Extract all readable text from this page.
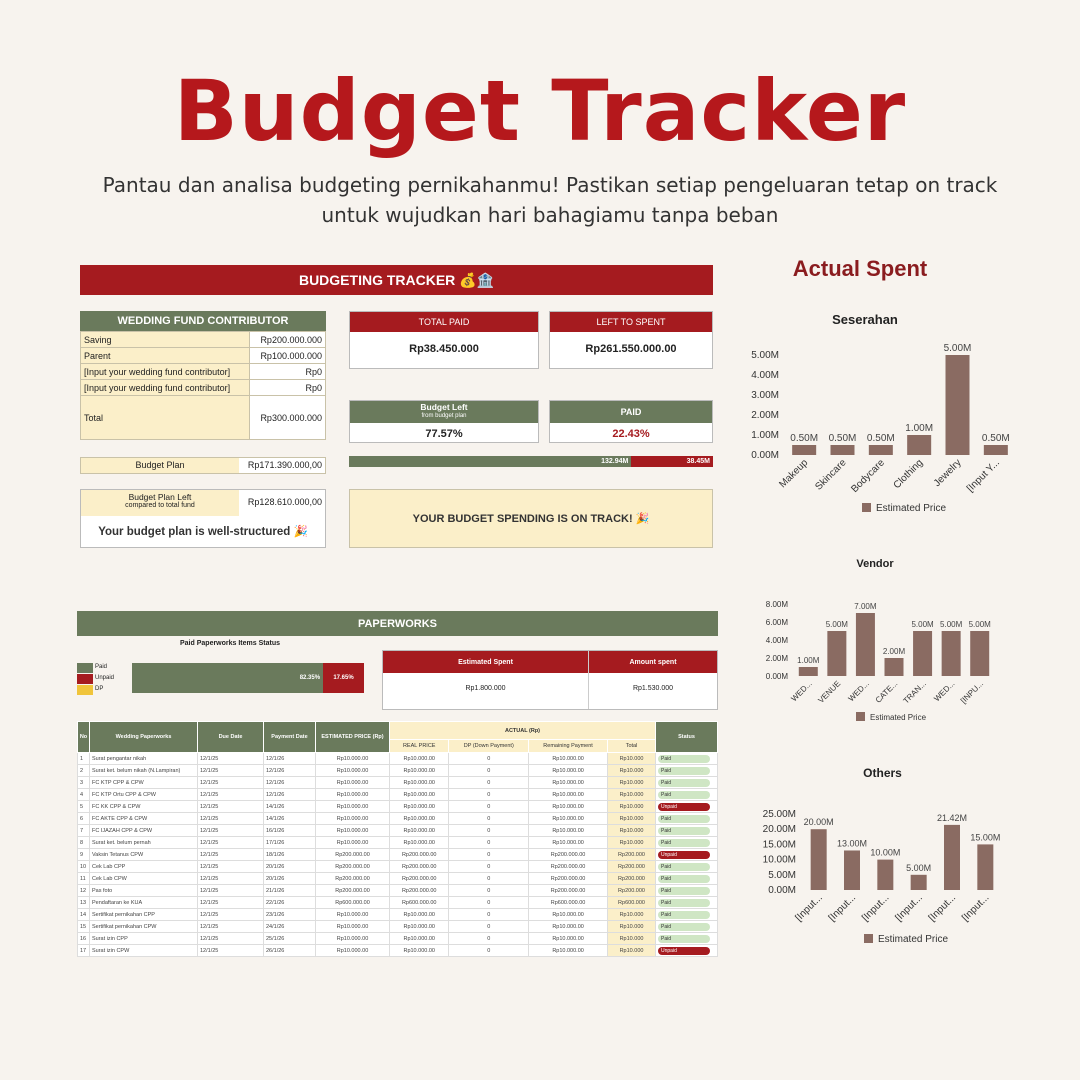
Budget Tracker
Pantau dan analisa budgeting pernikahanmu! Pastikan setiap pengeluaran tetap on track untuk wujudkan hari bahagiamu tanpa beban
BUDGETING TRACKER 💰🏦
WEDDING FUND CONTRIBUTOR
Saving	Rp200.000.000
Parent	Rp100.000.000
[Input your wedding fund contributor]	Rp0
[Input your wedding fund contributor]	Rp0
Total	Rp300.000.000
Budget Plan	Rp171.390.000,00
Budget Plan Left
compared to total fund	Rp128.610.000,00
Your budget plan is well-structured 🎉
TOTAL PAID
Rp38.450.000
LEFT TO SPENT
Rp261.550.000.00
Budget Left
from budget plan
77.57%
PAID
22.43%
132.94M	38.45M
YOUR BUDGET SPENDING IS ON TRACK! 🎉
PAPERWORKS
Paid Paperworks Items Status
Paid
Unpaid
DP
82.35%	17.65%
Estimated Spent
Rp1.800.000
Amount spent
Rp1.530.000
No	Wedding Paperworks	Due Date	Payment Date	ESTIMATED PRICE (Rp)	ACTUAL (Rp)				Status
					REAL PRICE	DP (Down Payment)	Remaining Payment	Total	
1	Surat pengantar nikah	12/1/25	12/1/26	Rp10.000.00	Rp10.000.00	0	Rp10.000.00	Rp10.000	Paid
2	Surat ket. belum nikah (N.Lampiran)	12/1/25	12/1/26	Rp10.000.00	Rp10.000.00	0	Rp10.000.00	Rp10.000	Paid
3	FC KTP CPP & CPW	12/1/25	12/1/26	Rp10.000.00	Rp10.000.00	0	Rp10.000.00	Rp10.000	Paid
4	FC KTP Ortu CPP & CPW	12/1/25	12/1/26	Rp10.000.00	Rp10.000.00	0	Rp10.000.00	Rp10.000	Paid
5	FC KK CPP & CPW	12/1/25	14/1/26	Rp10.000.00	Rp10.000.00	0	Rp10.000.00	Rp10.000	Unpaid
6	FC AKTE CPP & CPW	12/1/25	14/1/26	Rp10.000.00	Rp10.000.00	0	Rp10.000.00	Rp10.000	Paid
7	FC IJAZAH CPP & CPW	12/1/25	16/1/26	Rp10.000.00	Rp10.000.00	0	Rp10.000.00	Rp10.000	Paid
8	Surat ket. belum pernah	12/1/25	17/1/26	Rp10.000.00	Rp10.000.00	0	Rp10.000.00	Rp10.000	Paid
9	Vaksin Tetanus CPW	12/1/25	18/1/26	Rp200.000.00	Rp200.000.00	0	Rp200.000.00	Rp200.000	Unpaid
10	Cek Lab CPP	12/1/25	20/1/26	Rp200.000.00	Rp200.000.00	0	Rp200.000.00	Rp200.000	Paid
11	Cek Lab CPW	12/1/25	20/1/26	Rp200.000.00	Rp200.000.00	0	Rp200.000.00	Rp200.000	Paid
12	Pas foto	12/1/25	21/1/26	Rp200.000.00	Rp200.000.00	0	Rp200.000.00	Rp200.000	Paid
13	Pendaftaran ke KUA	12/1/25	22/1/26	Rp600.000.00	Rp600.000.00	0	Rp600.000.00	Rp600.000	Paid
14	Sertifikat pernikahan CPP	12/1/25	23/1/26	Rp10.000.00	Rp10.000.00	0	Rp10.000.00	Rp10.000	Paid
15	Sertifikat pernikahan CPW	12/1/25	24/1/26	Rp10.000.00	Rp10.000.00	0	Rp10.000.00	Rp10.000	Paid
16	Surat izin CPP	12/1/25	25/1/26	Rp10.000.00	Rp10.000.00	0	Rp10.000.00	Rp10.000	Paid
17	Surat izin CPW	12/1/25	26/1/26	Rp10.000.00	Rp10.000.00	0	Rp10.000.00	Rp10.000	Unpaid
Actual Spent
Seserahan
5.00M
4.00M
3.00M
2.00M
1.00M
0.00M
0.50M
Makeup
0.50M
Skincare
0.50M
Bodycare
1.00M
Clothing
5.00M
Jewelry
0.50M
[Input Y...
Estimated Price
Vendor
8.00M
6.00M
4.00M
2.00M
0.00M
1.00M
WED...
5.00M
VENUE
7.00M
WED...
2.00M
CATE...
5.00M
TRAN...
5.00M
WED...
5.00M
[INPU...
Estimated Price
Others
25.00M
20.00M
15.00M
10.00M
5.00M
0.00M
20.00M
[Input...
13.00M
[Input...
10.00M
[Input...
5.00M
[Input...
21.42M
[Input...
15.00M
[Input...
Estimated Price
